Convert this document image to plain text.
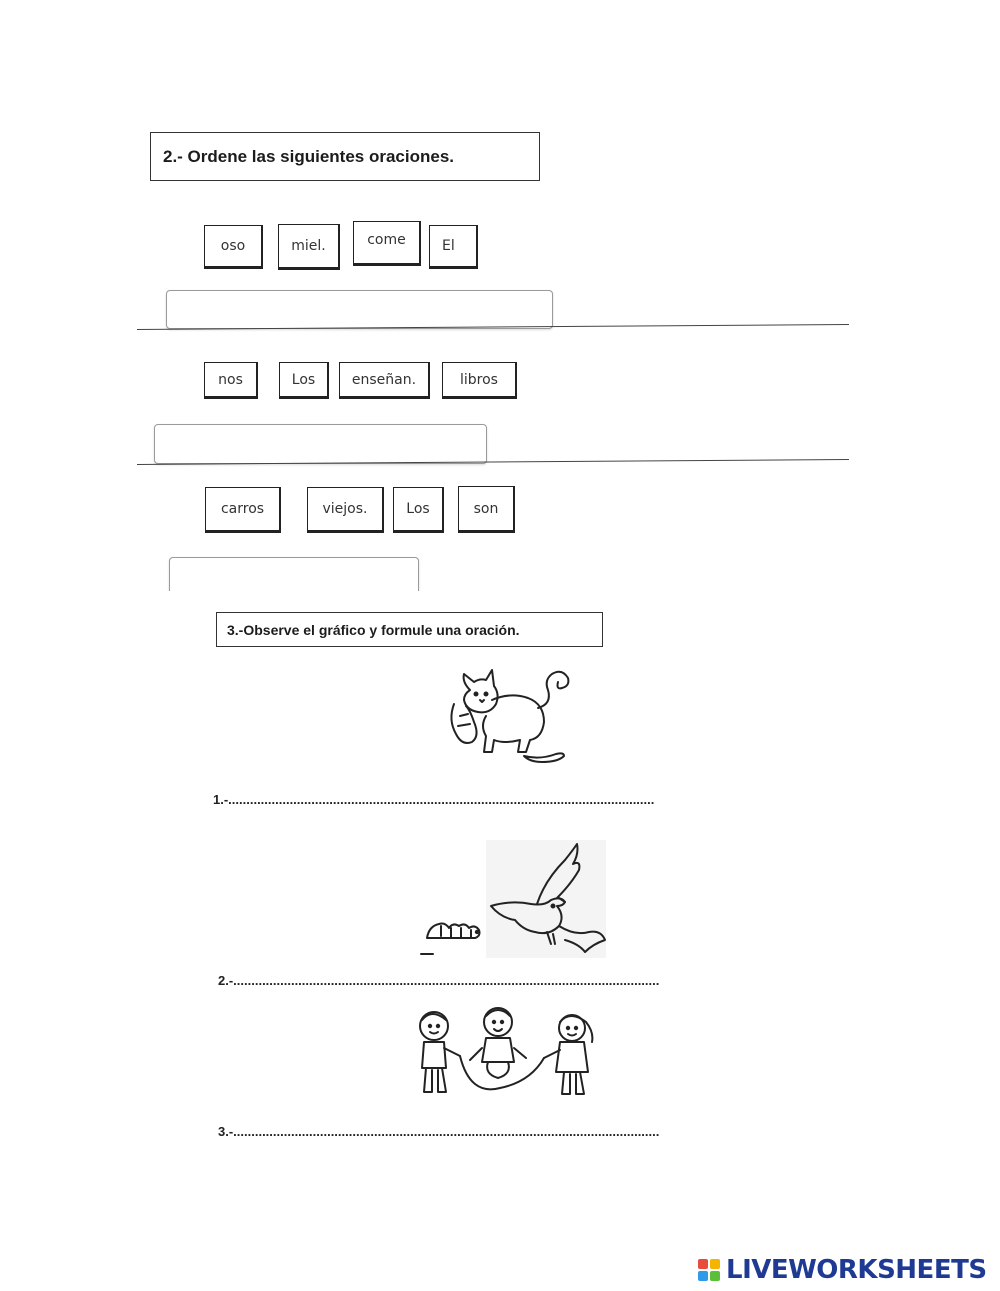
2.- Ordene las siguientes oraciones.
oso	miel.	come	El
nos	Los	enseñan.	libros
carros	viejos.	Los	son
3.-Observe el gráfico y formule una oración.
1.-......................................................................................................................
2.-......................................................................................................................
3.-......................................................................................................................
LIVEWORKSHEETS
